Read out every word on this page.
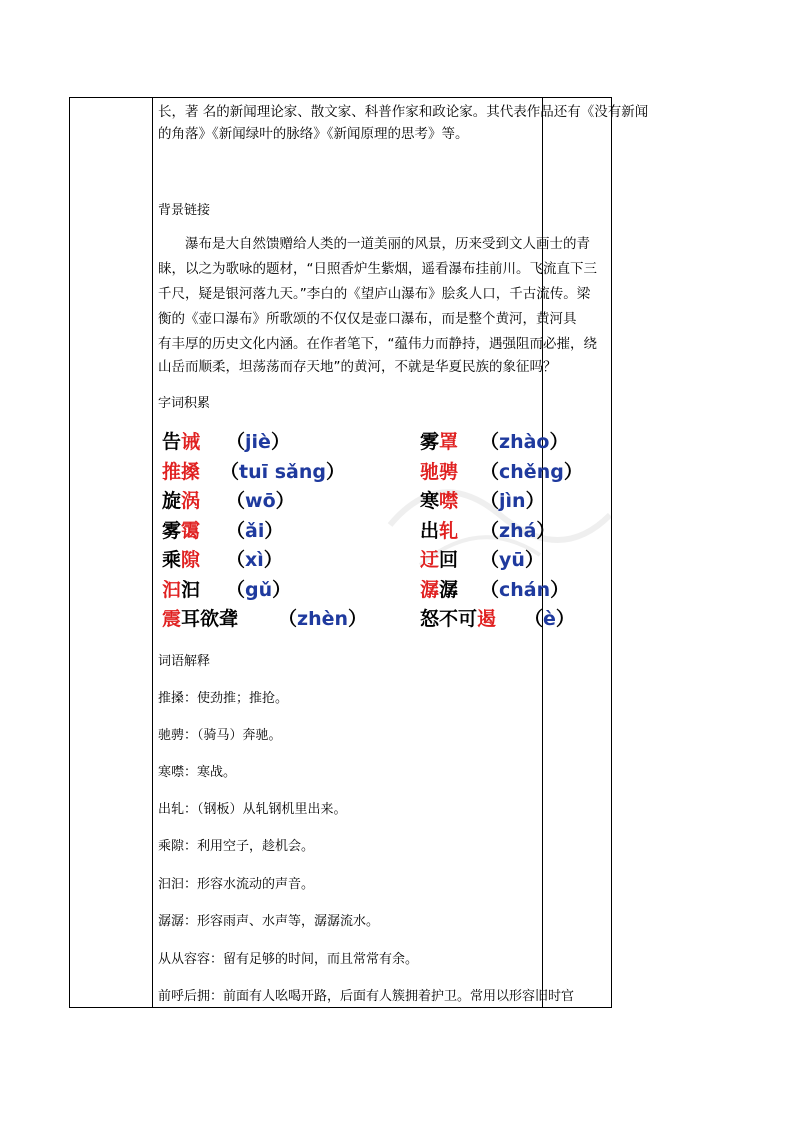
长，著 名的新闻理论家、散文家、科普作家和政论家。其代表作品还有《没有新闻
的角落》《新闻绿叶的脉络》《新闻原理的思考》等。
背景链接
　　瀑布是大自然馈赠给人类的一道美丽的风景，历来受到文人画士的青
睐，以之为歌咏的题材，“日照香炉生紫烟，遥看瀑布挂前川。飞流直下三
千尺，疑是银河落九天。”李白的《望庐山瀑布》脍炙人口，千古流传。梁
衡的《壶口瀑布》所歌颂的不仅仅是壶口瀑布，而是整个黄河，黄河具
有丰厚的历史文化内涵。在作者笔下，“蕴伟力而静持，遇强阻而必摧，绕
山岳而顺柔，坦荡荡而存天地”的黄河，不就是华夏民族的象征吗？
字词积累
告诫 （jiè）	雾罩 （zhào）
推搡 （tuī sǎng）	驰骋 （chěng）
旋涡 （wō）	寒噤 （jìn）
雾霭 （ǎi）	出轧 （zhá）
乘隙 （xì）	迂回 （yū）
汩汩 （gǔ）	潺潺 （chán）
震耳欲聋 （zhèn）	怒不可遏 （è）
词语解释
推搡：使劲推；推抢。
驰骋：（骑马）奔驰。
寒噤：寒战。
出轧：（钢板）从轧钢机里出来。
乘隙：利用空子，趁机会。
汩汩：形容水流动的声音。
潺潺：形容雨声、水声等，潺潺流水。
从从容容：留有足够的时间，而且常常有余。
前呼后拥：前面有人吆喝开路，后面有人簇拥着护卫。常用以形容旧时官
